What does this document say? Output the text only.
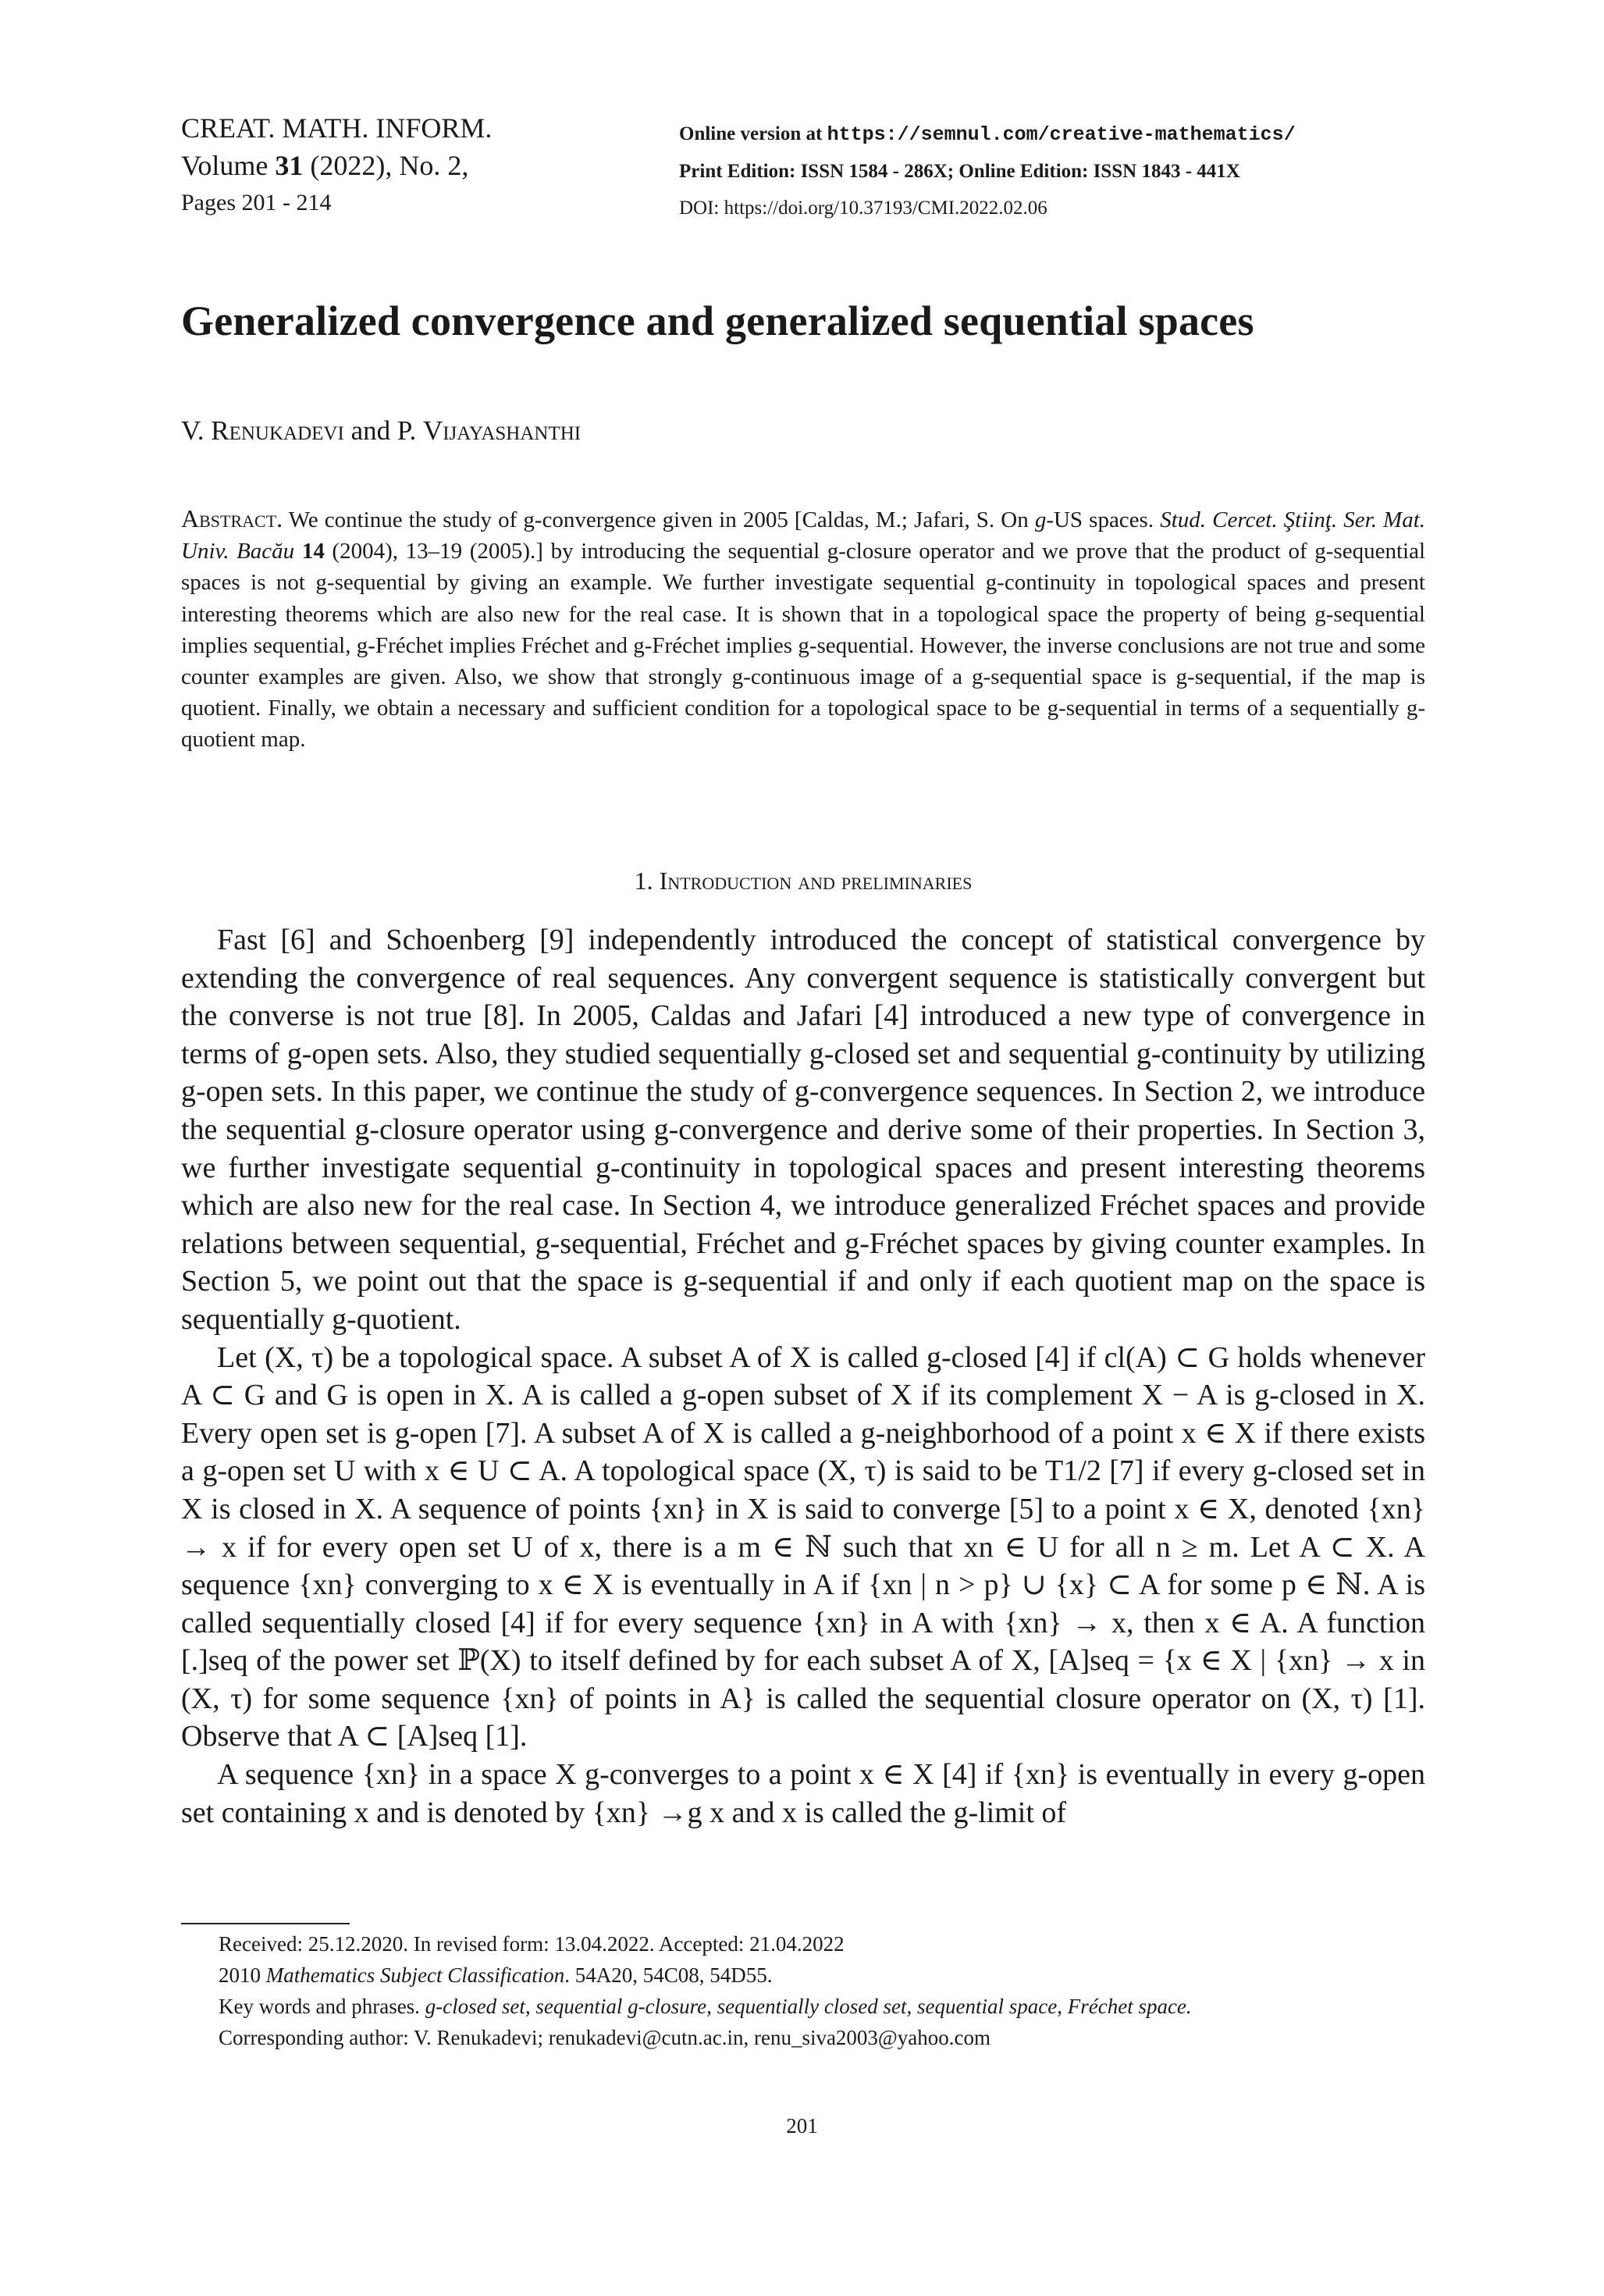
CREAT. MATH. INFORM.
Volume 31 (2022), No. 2,
Pages 201 - 214
Online version at https://semnul.com/creative-mathematics/
Print Edition: ISSN 1584 - 286X; Online Edition: ISSN 1843 - 441X
DOI: https://doi.org/10.37193/CMI.2022.02.06
Generalized convergence and generalized sequential spaces
V. Renukadevi and P. Vijayashanthi
Abstract. We continue the study of g-convergence given in 2005 [Caldas, M.; Jafari, S. On g-US spaces. Stud. Cercet. Ştiinţ. Ser. Mat. Univ. Bacău 14 (2004), 13–19 (2005).] by introducing the sequential g-closure operator and we prove that the product of g-sequential spaces is not g-sequential by giving an example. We further investigate sequential g-continuity in topological spaces and present interesting theorems which are also new for the real case. It is shown that in a topological space the property of being g-sequential implies sequential, g-Fréchet implies Fréchet and g-Fréchet implies g-sequential. However, the inverse conclusions are not true and some counter examples are given. Also, we show that strongly g-continuous image of a g-sequential space is g-sequential, if the map is quotient. Finally, we obtain a necessary and sufficient condition for a topological space to be g-sequential in terms of a sequentially g-quotient map.
1. Introduction and preliminaries

Fast [6] and Schoenberg [9] independently introduced the concept of statistical convergence by extending the convergence of real sequences. Any convergent sequence is statistically convergent but the converse is not true [8]. In 2005, Caldas and Jafari [4] introduced a new type of convergence in terms of g-open sets. Also, they studied sequentially g-closed set and sequential g-continuity by utilizing g-open sets. In this paper, we continue the study of g-convergence sequences. In Section 2, we introduce the sequential g-closure operator using g-convergence and derive some of their properties. In Section 3, we further investigate sequential g-continuity in topological spaces and present interesting theorems which are also new for the real case. In Section 4, we introduce generalized Fréchet spaces and provide relations between sequential, g-sequential, Fréchet and g-Fréchet spaces by giving counter examples. In Section 5, we point out that the space is g-sequential if and only if each quotient map on the space is sequentially g-quotient.

Let (X, τ) be a topological space. A subset A of X is called g-closed [4] if cl(A) ⊂ G holds whenever A ⊂ G and G is open in X. A is called a g-open subset of X if its complement X − A is g-closed in X. Every open set is g-open [7]. A subset A of X is called a g-neighborhood of a point x ∈ X if there exists a g-open set U with x ∈ U ⊂ A. A topological space (X, τ) is said to be T1/2 [7] if every g-closed set in X is closed in X. A sequence of points {xn} in X is said to converge [5] to a point x ∈ X, denoted {xn} → x if for every open set U of x, there is a m ∈ ℕ such that xn ∈ U for all n ≥ m. Let A ⊂ X. A sequence {xn} converging to x ∈ X is eventually in A if {xn | n > p} ∪ {x} ⊂ A for some p ∈ ℕ. A is called sequentially closed [4] if for every sequence {xn} in A with {xn} → x, then x ∈ A. A function [.]seq of the power set ℙ(X) to itself defined by for each subset A of X, [A]seq = {x ∈ X | {xn} → x in (X, τ) for some sequence {xn} of points in A} is called the sequential closure operator on (X, τ) [1]. Observe that A ⊂ [A]seq [1].

A sequence {xn} in a space X g-converges to a point x ∈ X [4] if {xn} is eventually in every g-open set containing x and is denoted by {xn} →g x and x is called the g-limit of

Received: 25.12.2020. In revised form: 13.04.2022. Accepted: 21.04.2022
2010 Mathematics Subject Classification. 54A20, 54C08, 54D55.
Key words and phrases. g-closed set, sequential g-closure, sequentially closed set, sequential space, Fréchet space.
Corresponding author: V. Renukadevi; renukadevi@cutn.ac.in, renu_siva2003@yahoo.com
201
